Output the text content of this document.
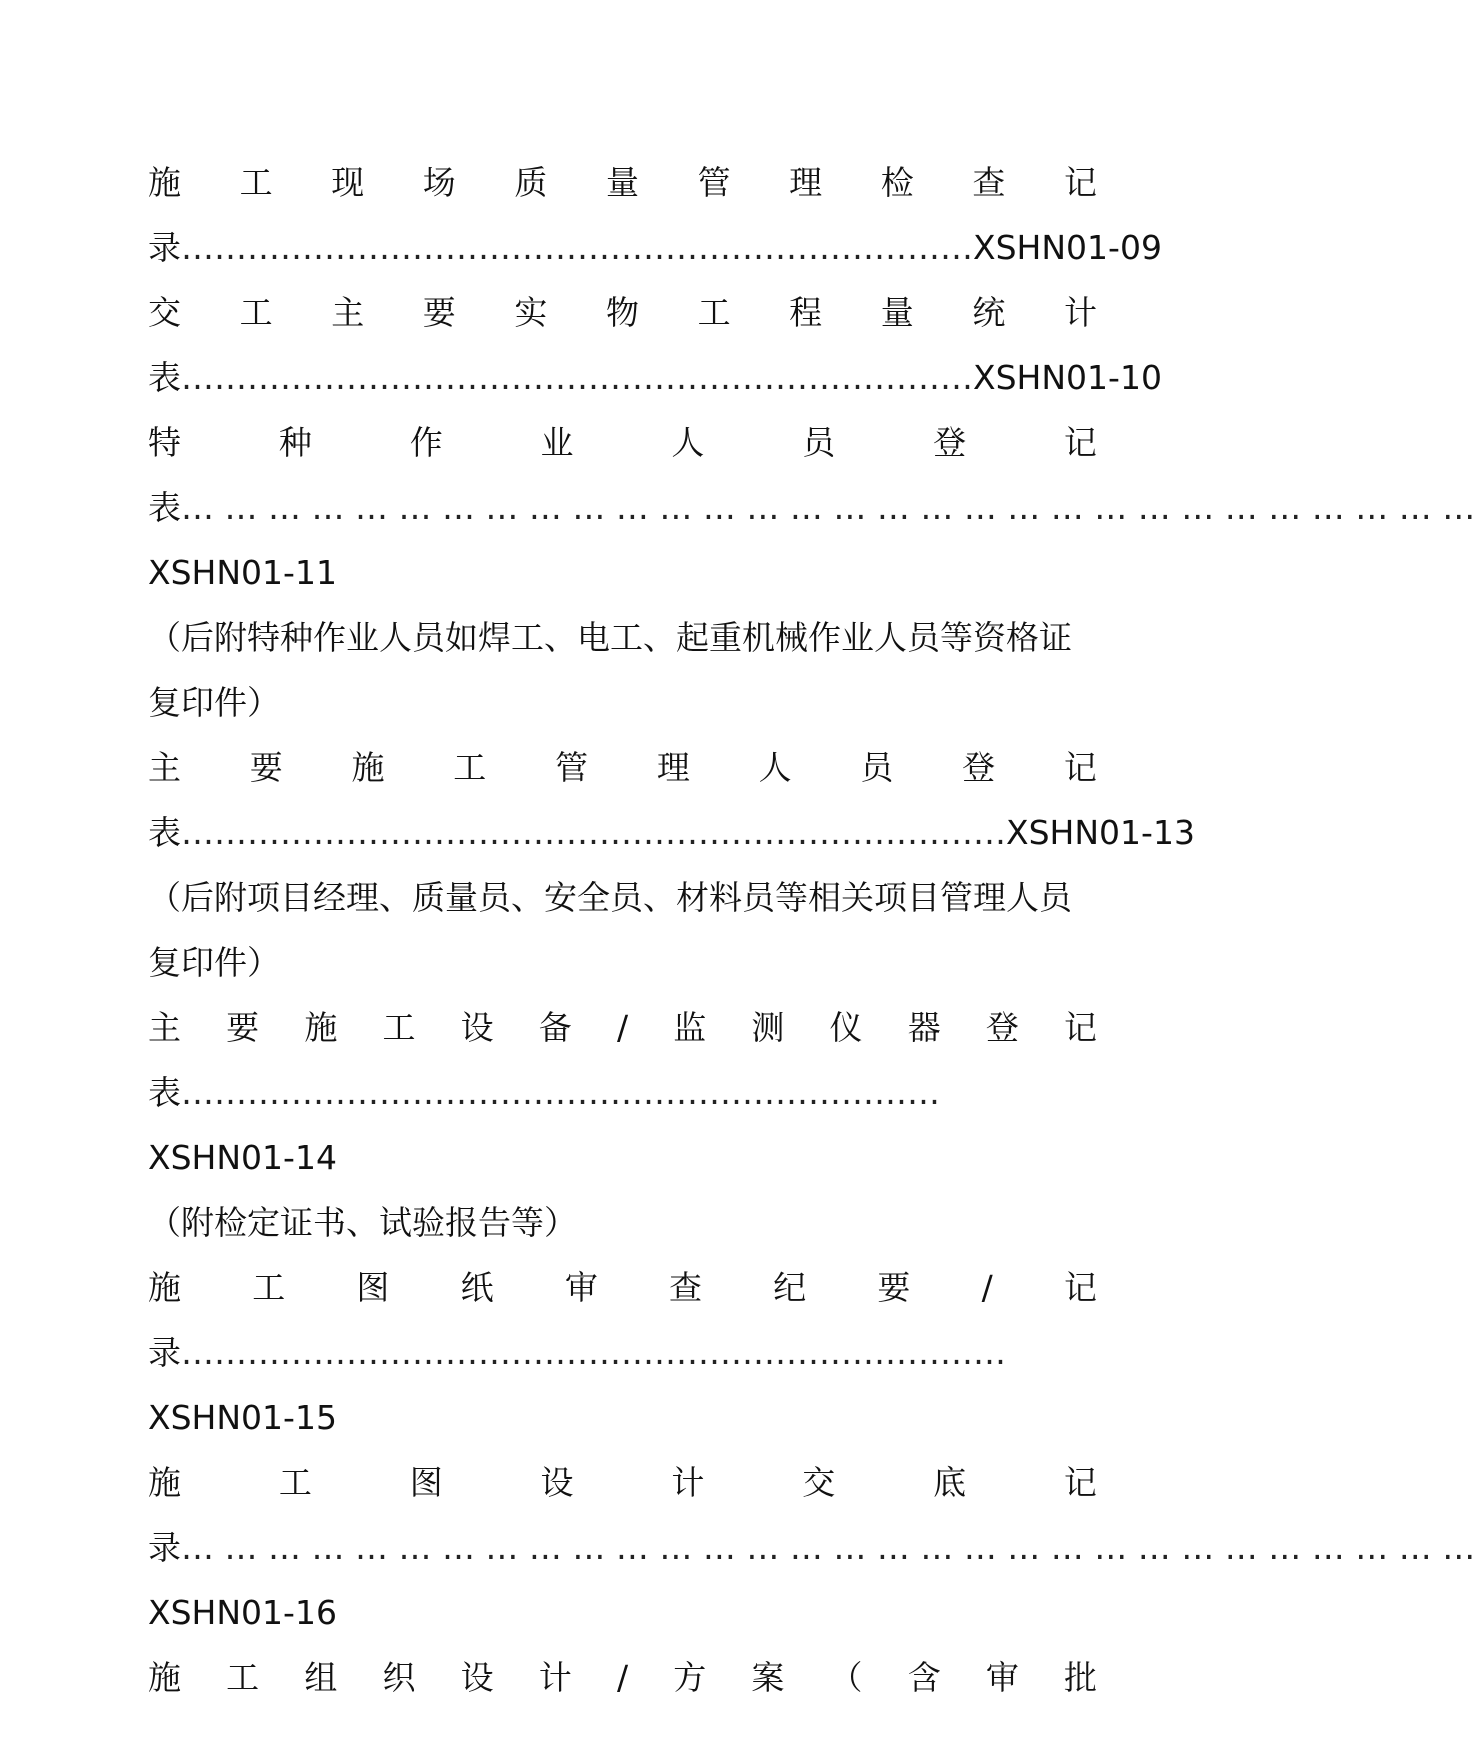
施 工 现 场 质 量 管 理 检 查 记
录 ……………………………………………………………… XSHN01-09
交 工 主 要 实 物 工 程 量 统 计
表 ……………………………………………………………… XSHN01-10
特	种	作	业	人	员	登	记
表 … … … … … … … … … … … … … … … … … … … … … … … … … … … … … …
XSHN01-11
（后附特种作业人员如焊工、电工、起重机械作业人员等资格证
复印件）
主 要 施 工 管 理 人 员 登 记
表 ………………………………………………………………… XSHN01-13
（后附项目经理、质量员、安全员、材料员等相关项目管理人员
复印件）
主 要 施 工 设 备 / 监 测 仪 器 登 记
表 ……………………………………………………………
XSHN01-14
（附检定证书、试验报告等）
施 工 图 纸 审 查 纪 要 / 记
录 …………………………………………………………………
XSHN01-15
施	工	图	设	计	交	底	记
录 … … … … … … … … … … … … … … … … … … … … … … … … … … … … … …
XSHN01-16
施 工 组 织 设 计 / 方 案 （ 含 审 批
